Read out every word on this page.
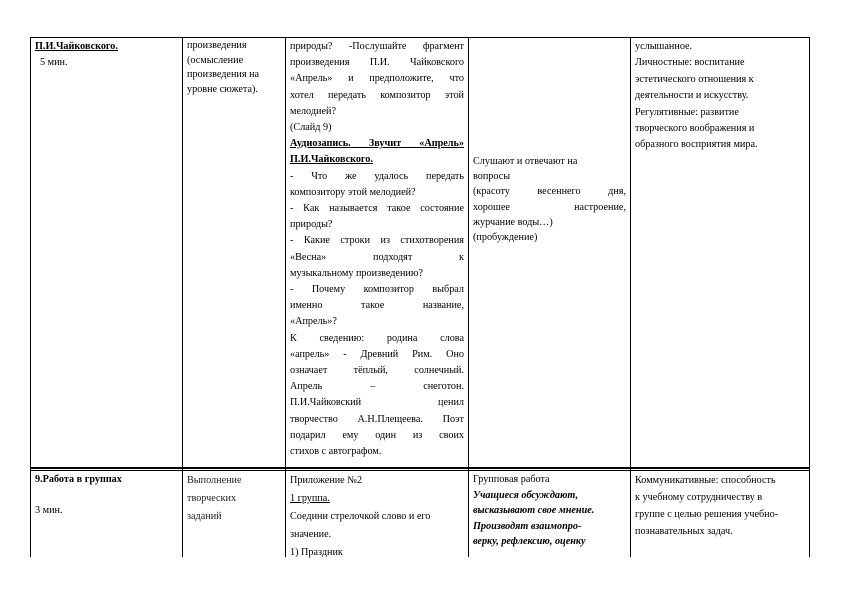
П.И.Чайковского.

5 мин.

произведения

(осмысление

произведения на

уровне сюжета).

природы? -Послушайте фрагмент

произведения П.И. Чайковского

«Апрель» и предположите, что

хотел передать композитор этой

мелодией?

(Слайд 9)

Аудиозапись. Звучит «Апрель»

П.И.Чайковского.

- Что же удалось передать

композитору этой мелодией?

- Как называется такое состояние

природы?

- Какие строки из стихотворения

«Весна» подходят к

музыкальному произведению?

- Почему композитор выбрал

именно такое название,

«Апрель»?

К сведению: родина слова

«апрель» - Древний Рим. Оно

означает тёплый, солнечный.

Апрель – снеготон.

П.И.Чайковский ценил

творчество А.Н.Плещеева. Поэт

подарил ему один из своих

стихов с автографом.

Слушают и отвечают на

вопросы

(красоту весеннего дня,

хорошее настроение,

журчание воды…)

(пробуждение)

услышанное.

Личностные: воспитание

эстетического отношения к

деятельности и искусству.

Регулятивные: развитие

творческого воображения и

образного восприятия мира.

9.Работа в группах

3 мин.

Выполнение

творческих

заданий

Приложение №2

1 группа.

Соедини стрелочкой слово и его

значение.

1) Праздник

Групповая работа

Учащиеся обсуждают,

высказывают свое мнение.

Производят взаимопро-

верку, рефлексию, оценку

Коммуникативные: способность

к учебному сотрудничеству в

группе с целью решения учебно-

познавательных задач.
